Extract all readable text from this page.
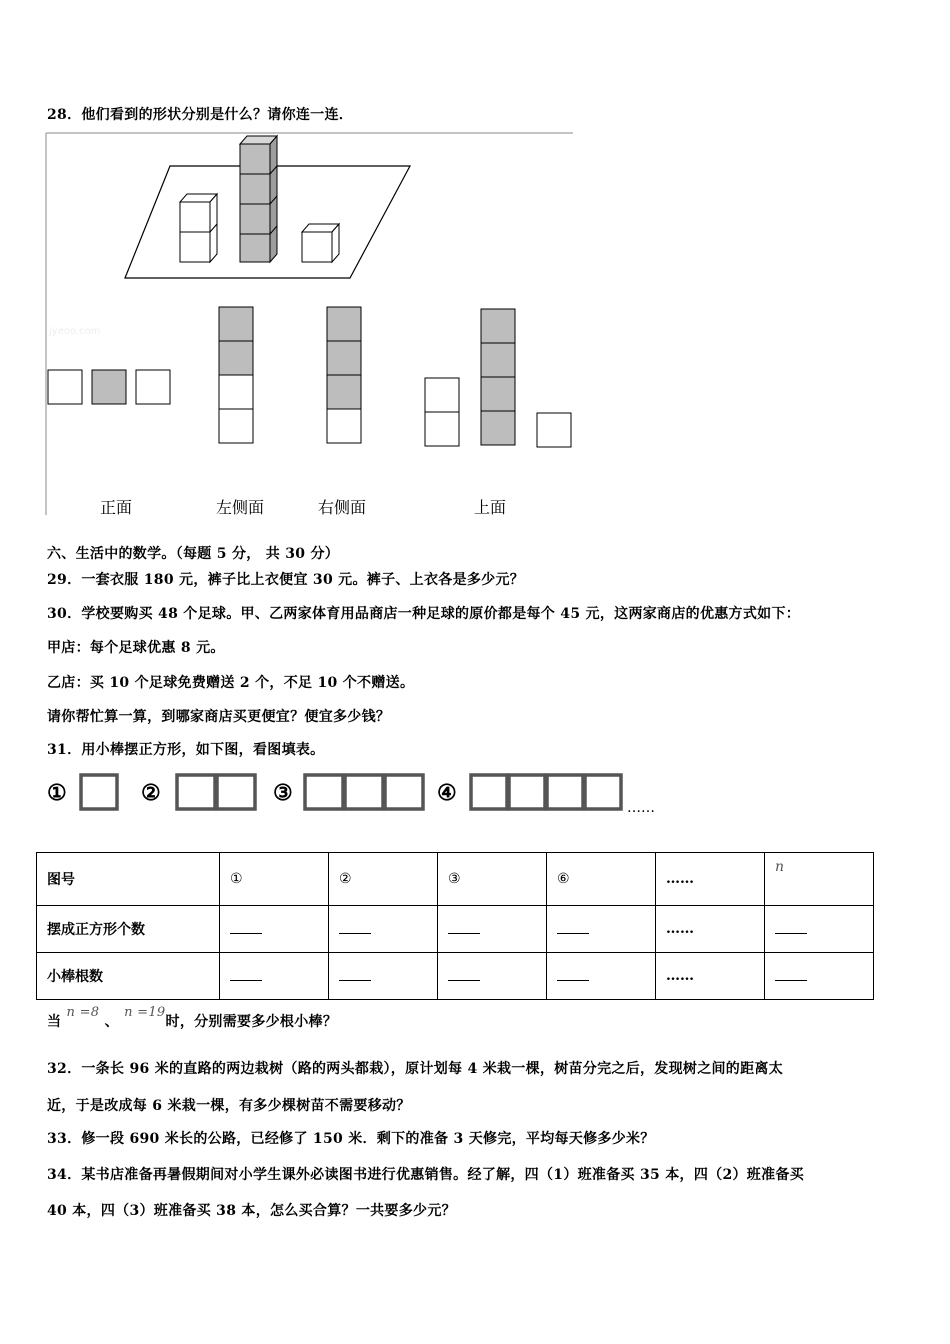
28．他们看到的形状分别是什么？请你连一连．
jyeoo.com
正面	左侧面	右侧面	上面
六、生活中的数学。（每题 5 分， 共 30 分）
29．一套衣服 180 元，裤子比上衣便宜 30 元。裤子、上衣各是多少元？
30．学校要购买 48 个足球。甲、乙两家体育用品商店一种足球的原价都是每个 45 元，这两家商店的优惠方式如下：
甲店：每个足球优惠 8 元。
乙店：买 10 个足球免费赠送 2 个，不足 10 个不赠送。
请你帮忙算一算，到哪家商店买更便宜？便宜多少钱？
31．用小棒摆正方形，如下图，看图填表。
①	②	③	④
……
图号	①	②	③	⑥	……	n
摆成正方形个数					……	
小棒根数					……	
当 n =8 、 n =19时，分别需要多少根小棒？
32．一条长 96 米的直路的两边栽树（路的两头都栽），原计划每 4 米栽一棵，树苗分完之后，发现树之间的距离太
近，于是改成每 6 米栽一棵，有多少棵树苗不需要移动？
33．修一段 690 米长的公路，已经修了 150 米．剩下的准备 3 天修完，平均每天修多少米？
34．某书店准备再暑假期间对小学生课外必读图书进行优惠销售。经了解，四（1）班准备买 35 本，四（2）班准备买
40 本，四（3）班准备买 38 本，怎么买合算？一共要多少元？
